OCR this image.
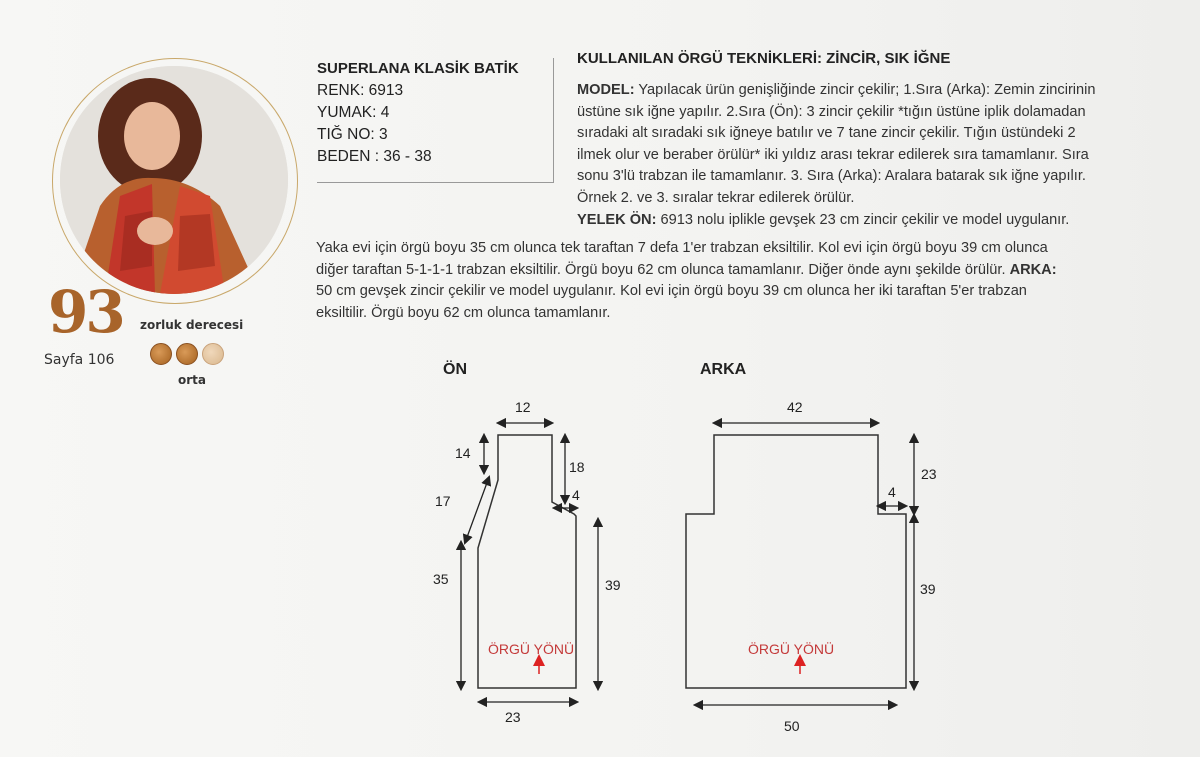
93 zorluk derecesi
Sayfa 106
orta
SUPERLANA KLASİK BATİK
RENK: 6913
YUMAK: 4
TIĞ NO: 3
BEDEN : 36 - 38
KULLANILAN ÖRGÜ TEKNİKLERİ: ZİNCİR, SIK İĞNE
MODEL: Yapılacak ürün genişliğinde zincir çekilir; 1.Sıra (Arka): Zemin zincirinin
üstüne sık iğne yapılır. 2.Sıra (Ön): 3 zincir çekilir *tığın üstüne iplik dolamadan
sıradaki alt sıradaki sık iğneye batılır ve 7 tane zincir çekilir. Tığın üstündeki 2
ilmek olur ve beraber örülür* iki yıldız arası tekrar edilerek sıra tamamlanır. Sıra
sonu 3'lü trabzan ile tamamlanır. 3. Sıra (Arka): Aralara batarak sık iğne yapılır.
Örnek 2. ve 3. sıralar tekrar edilerek örülür.
YELEK ÖN: 6913 nolu iplikle gevşek 23 cm zincir çekilir ve model uygulanır.
Yaka evi için örgü boyu 35 cm olunca tek taraftan 7 defa 1'er trabzan eksiltilir. Kol evi için örgü boyu 39 cm olunca
diğer taraftan 5-1-1-1 trabzan eksiltilir. Örgü boyu 62 cm olunca tamamlanır. Diğer önde aynı şekilde örülür. ARKA:
50 cm gevşek zincir çekilir ve model uygulanır. Kol evi için örgü boyu 39 cm olunca her iki taraftan 5'er trabzan
eksiltilir. Örgü boyu 62 cm olunca tamamlanır.
ÖN
12
14
17
35
18
4
39
23
ÖRGÜ YÖNÜ
ARKA
42
23
4
39
50
ÖRGÜ YÖNÜ
